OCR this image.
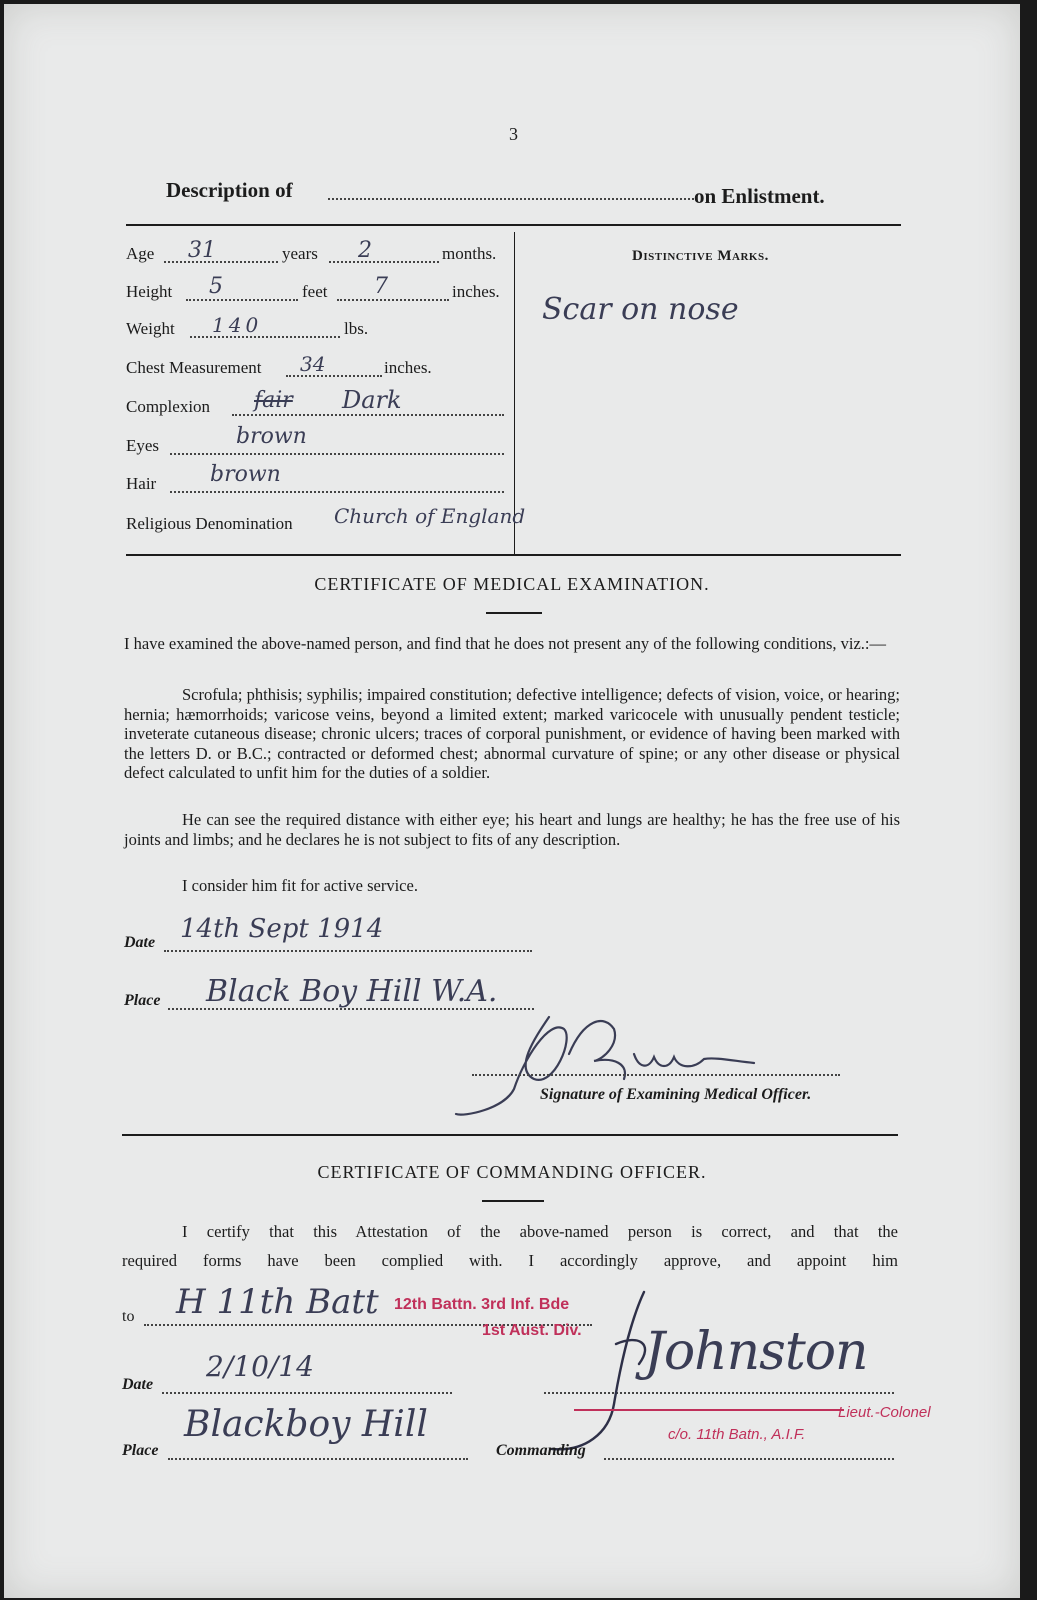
3
Description of	on Enlistment.
Age 31	years 2	months.
Height 5	feet 7	inches.
Weight 140	lbs.
Chest Measurement 34	inches.
Complexion fair Dark
Eyes	brown
Hair brown
Religious Denomination Church of England
Distinctive Marks.
Scar on nose
CERTIFICATE OF MEDICAL EXAMINATION.
I have examined the above-named person, and find that he does not present any of the following conditions, viz.:—
Scrofula; phthisis; syphilis; impaired constitution; defective intelligence; defects of vision, voice, or hearing; hernia; hæmorrhoids; varicose veins, beyond a limited extent; marked varicocele with unusually pendent testicle; inveterate cutaneous disease; chronic ulcers; traces of corporal punishment, or evidence of having been marked with the letters D. or B.C.; contracted or deformed chest; abnormal curvature of spine; or any other disease or physical defect calculated to unfit him for the duties of a soldier.
He can see the required distance with either eye; his heart and lungs are healthy; he has the free use of his joints and limbs; and he declares he is not subject to fits of any description.
I consider him fit for active service.
Date 14th Sept 1914
Place Black Boy Hill W.A.
Signature of Examining Medical Officer.
CERTIFICATE OF COMMANDING OFFICER.
I certify that this Attestation of the above-named person is correct, and that the
required forms have been complied with. I accordingly approve, and appoint him
to H 11th Batt 12th Battn. 3rd Inf. Bde
1st Aust. Div.
Date
2/10/14
Place
Blackboy Hill
Johnston
Lieut.-Colonel
Commanding
c/o. 11th Batn., A.I.F.
